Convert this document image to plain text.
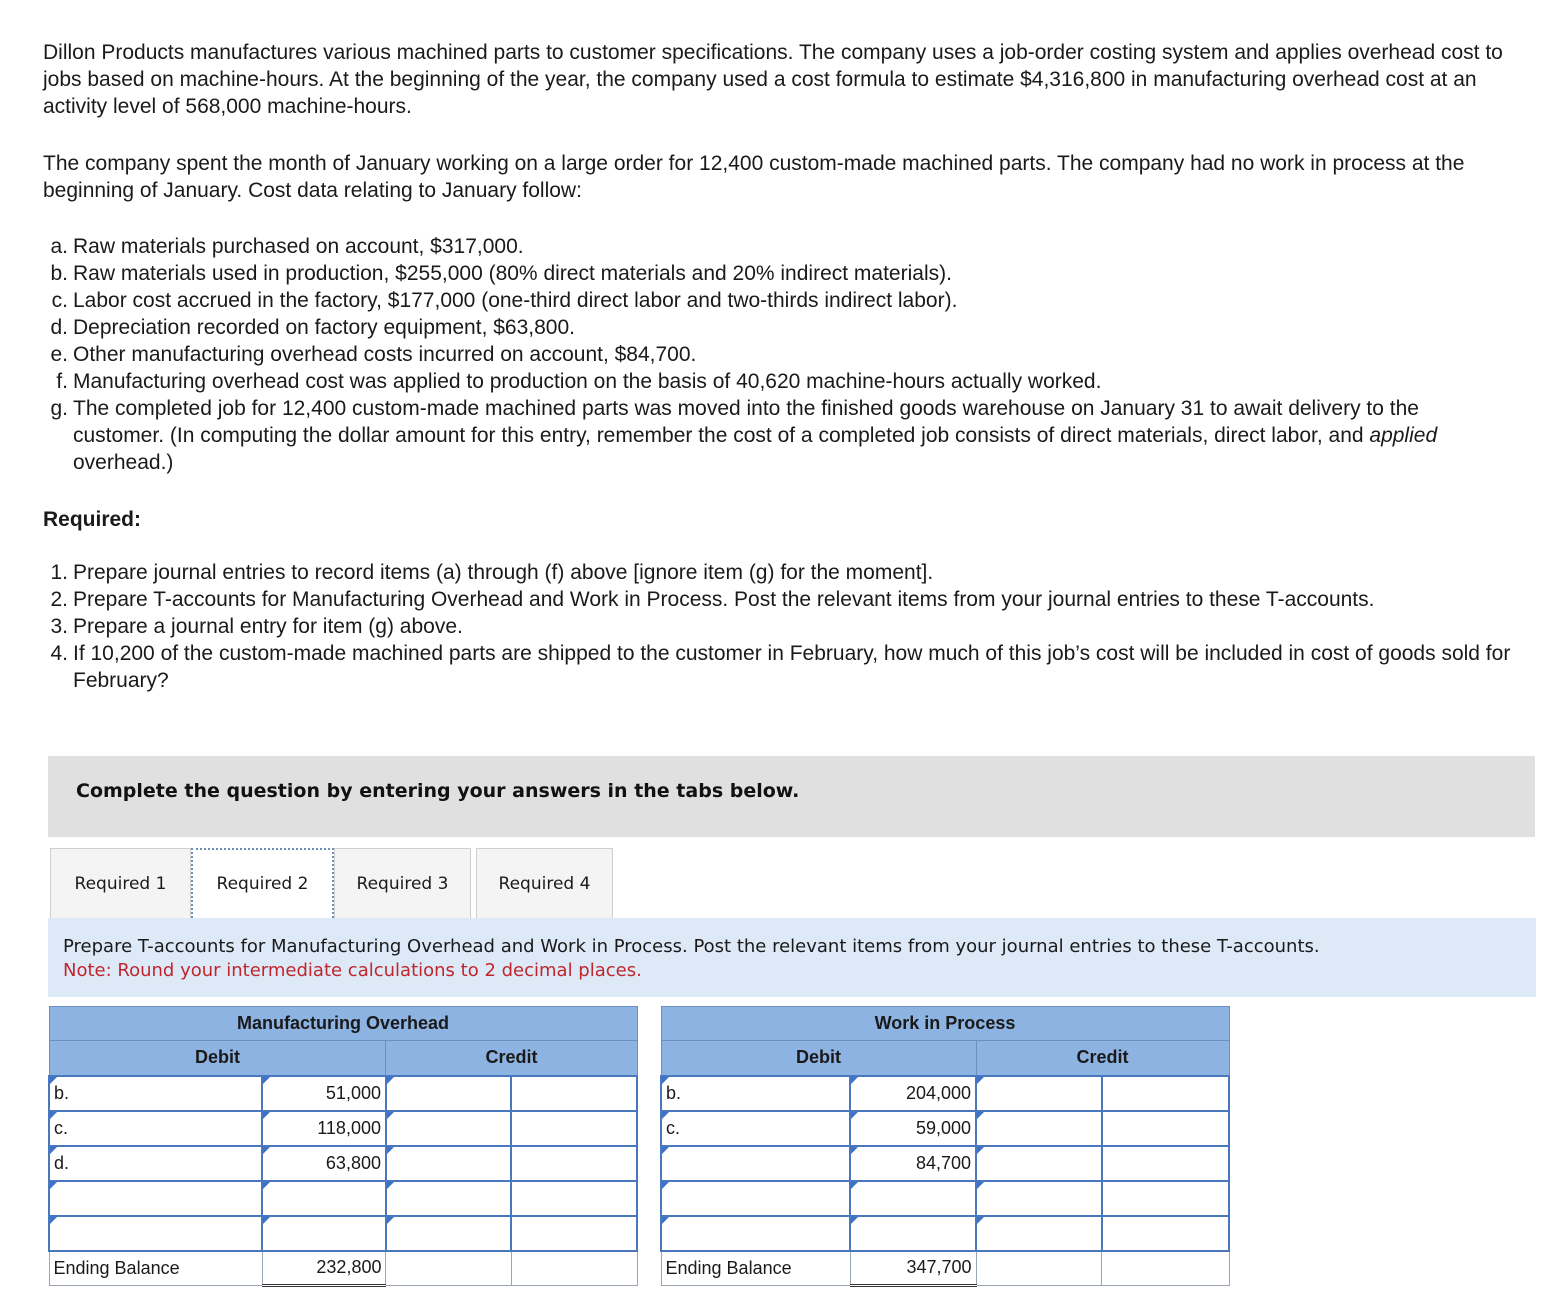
Dillon Products manufactures various machined parts to customer specifications. The company uses a job-order costing system and applies overhead cost to jobs based on machine-hours. At the beginning of the year, the company used a cost formula to estimate $4,316,800 in manufacturing overhead cost at an activity level of 568,000 machine-hours.

The company spent the month of January working on a large order for 12,400 custom-made machined parts. The company had no work in process at the beginning of January. Cost data relating to January follow:

a. Raw materials purchased on account, $317,000.
b. Raw materials used in production, $255,000 (80% direct materials and 20% indirect materials).
c. Labor cost accrued in the factory, $177,000 (one-third direct labor and two-thirds indirect labor).
d. Depreciation recorded on factory equipment, $63,800.
e. Other manufacturing overhead costs incurred on account, $84,700.
f. Manufacturing overhead cost was applied to production on the basis of 40,620 machine-hours actually worked.
g. The completed job for 12,400 custom-made machined parts was moved into the finished goods warehouse on January 31 to await delivery to the customer. (In computing the dollar amount for this entry, remember the cost of a completed job consists of direct materials, direct labor, and applied overhead.)
Required:
1. Prepare journal entries to record items (a) through (f) above [ignore item (g) for the moment].
2. Prepare T-accounts for Manufacturing Overhead and Work in Process. Post the relevant items from your journal entries to these T-accounts.
3. Prepare a journal entry for item (g) above.
4. If 10,200 of the custom-made machined parts are shipped to the customer in February, how much of this job’s cost will be included in cost of goods sold for February?
Complete the question by entering your answers in the tabs below.
Required 1	Required 2	Required 3	Required 4
Prepare T-accounts for Manufacturing Overhead and Work in Process. Post the relevant items from your journal entries to these T-accounts.
Note: Round your intermediate calculations to 2 decimal places.
Manufacturing Overhead			
Debit		Credit	
b.	51,000		
c.	118,000		
d.	63,800		

Ending Balance	232,800		
Work in Process			
Debit		Credit	
b.	204,000		
c.	59,000		
	84,700		

Ending Balance	347,700		
